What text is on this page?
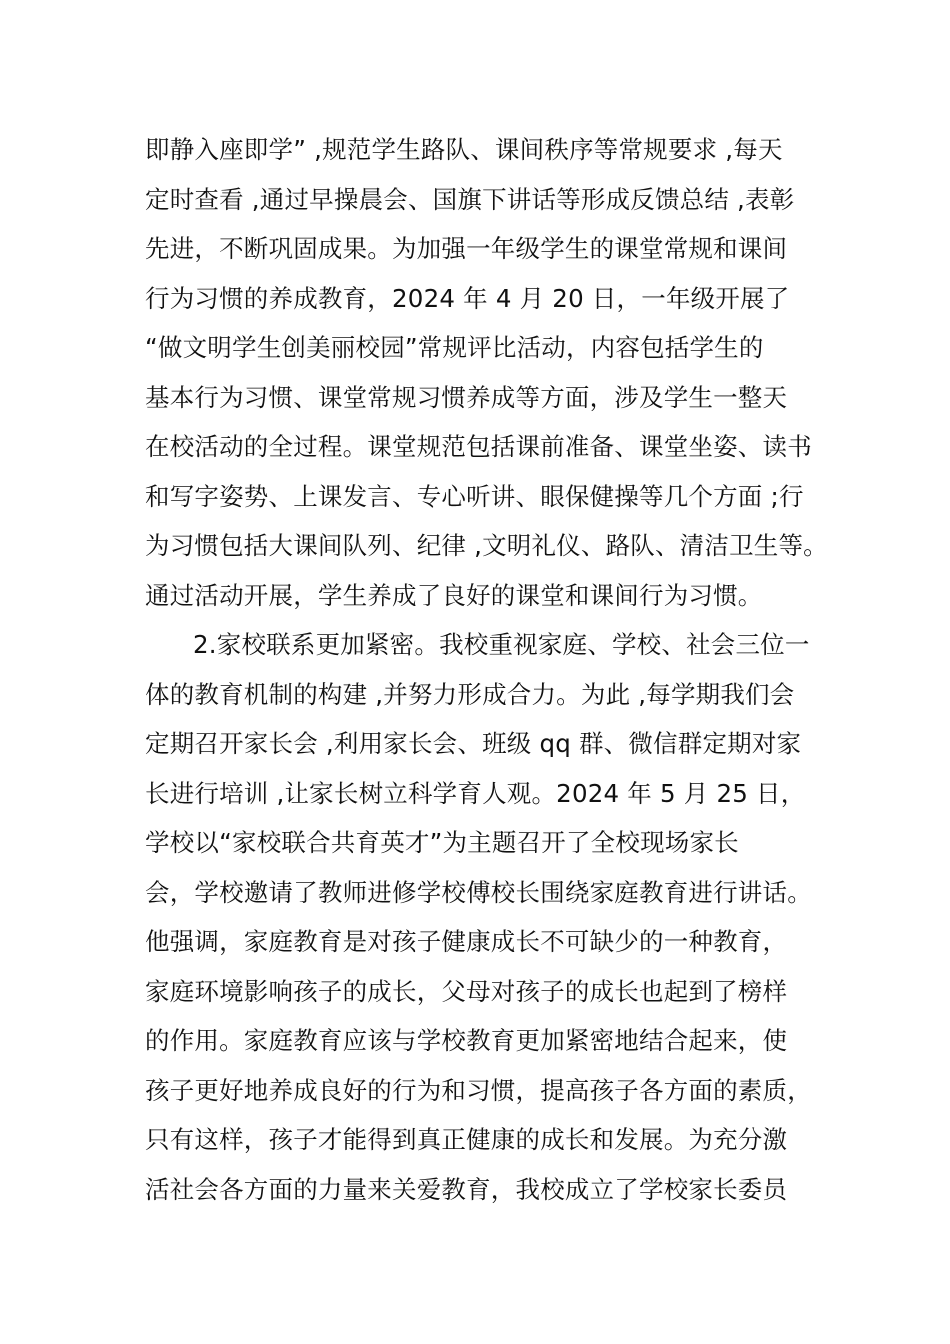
即静入座即学” ,规范学生路队、课间秩序等常规要求 ,每天
定时查看 ,通过早操晨会、国旗下讲话等形成反馈总结 ,表彰
先进，不断巩固成果。为加强一年级学生的课堂常规和课间
行为习惯的养成教育，2024 年 4 月 20 日，一年级开展了
“做文明学生创美丽校园”常规评比活动，内容包括学生的
基本行为习惯、课堂常规习惯养成等方面，涉及学生一整天
在校活动的全过程。课堂规范包括课前准备、课堂坐姿、读书
和写字姿势、上课发言、专心听讲、眼保健操等几个方面 ;行
为习惯包括大课间队列、纪律 ,文明礼仪、路队、清洁卫生等。
通过活动开展，学生养成了良好的课堂和课间行为习惯。
2.家校联系更加紧密。我校重视家庭、学校、社会三位一
体的教育机制的构建 ,并努力形成合力。为此 ,每学期我们会
定期召开家长会 ,利用家长会、班级 qq 群、微信群定期对家
长进行培训 ,让家长树立科学育人观。2024 年 5 月 25 日，
学校以“家校联合共育英才”为主题召开了全校现场家长
会，学校邀请了教师进修学校傅校长围绕家庭教育进行讲话。
他强调，家庭教育是对孩子健康成长不可缺少的一种教育，
家庭环境影响孩子的成长，父母对孩子的成长也起到了榜样
的作用。家庭教育应该与学校教育更加紧密地结合起来，使
孩子更好地养成良好的行为和习惯，提高孩子各方面的素质，
只有这样，孩子才能得到真正健康的成长和发展。为充分激
活社会各方面的力量来关爱教育，我校成立了学校家长委员
